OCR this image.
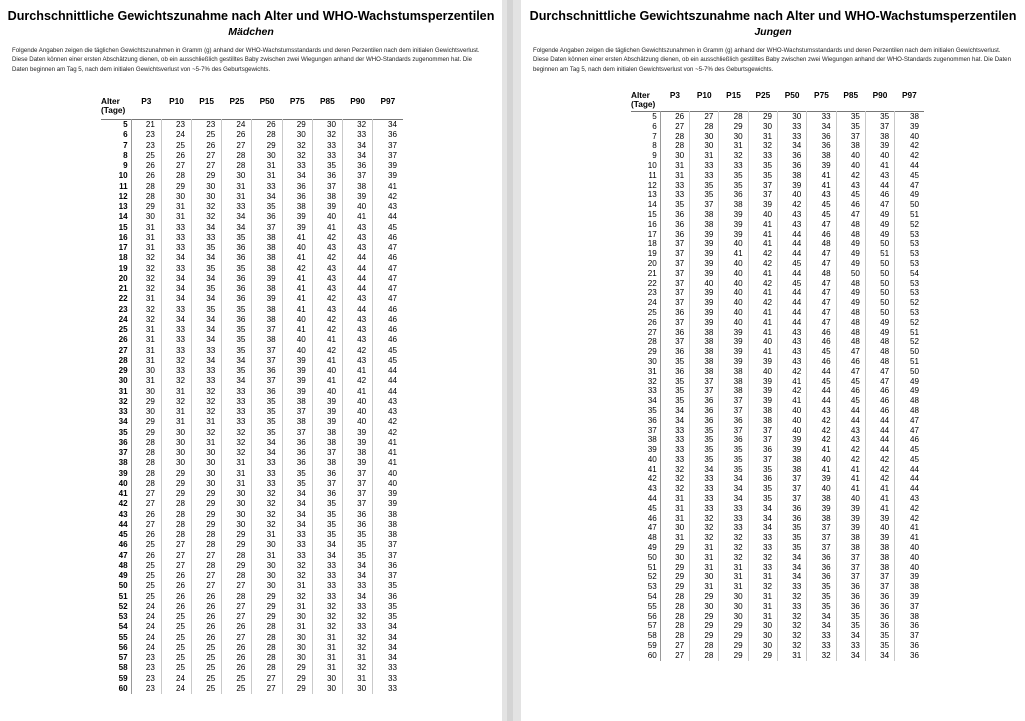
Durchschnittliche Gewichtszunahme nach Alter und WHO-Wachstumsperzentilen
Mädchen
Folgende Angaben zeigen die täglichen Gewichtszunahmen in Gramm (g) anhand der WHO-Wachstumsstandards und deren Perzentilen nach dem initialen Gewichtsverlust. Diese Daten können einer ersten Abschätzung dienen, ob ein ausschließlich gestilltes Baby zwischen zwei Wiegungen anhand der WHO-Standards zugenommen hat. Die Daten beginnen am Tag 5, nach dem initialen Gewichtsverlust von ~5-7% des Geburtsgewichts.
Alter
(Tage)	P3	P10	P15	P25	P50	P75	P85	P90	P97
5	21	23	23	24	26	29	30	32	34
6	23	24	25	26	28	30	32	33	36
7	23	25	26	27	29	32	33	34	37
8	25	26	27	28	30	32	33	34	37
9	26	27	27	28	31	33	35	36	39
10	26	28	29	30	31	34	36	37	39
11	28	29	30	31	33	36	37	38	41
12	28	30	30	31	34	36	38	39	42
13	29	31	32	33	35	38	39	40	43
14	30	31	32	34	36	39	40	41	44
15	31	33	34	34	37	39	41	43	45
16	31	33	33	35	38	41	42	43	46
17	31	33	35	36	38	40	43	43	47
18	32	34	34	36	38	41	42	44	46
19	32	33	35	35	38	42	43	44	47
20	32	34	34	36	39	41	43	44	47
21	32	34	35	36	38	41	43	44	47
22	31	34	34	36	39	41	42	43	47
23	32	33	35	35	38	41	43	44	46
24	32	34	34	36	38	40	42	43	46
25	31	33	34	35	37	41	42	43	46
26	31	33	34	35	38	40	41	43	46
27	31	33	33	35	37	40	42	42	45
28	31	32	34	34	37	39	41	43	45
29	30	33	33	35	36	39	40	41	44
30	31	32	33	34	37	39	41	42	44
31	30	31	32	33	36	39	40	41	44
32	29	32	32	33	35	38	39	40	43
33	30	31	32	33	35	37	39	40	43
34	29	31	31	33	35	38	39	40	42
35	29	30	32	32	35	37	38	39	42
36	28	30	31	32	34	36	38	39	41
37	28	30	30	32	34	36	37	38	41
38	28	30	30	31	33	36	38	39	41
39	28	29	30	31	33	35	36	37	40
40	28	29	30	31	33	35	37	37	40
41	27	29	29	30	32	34	36	37	39
42	27	28	29	30	32	34	35	37	39
43	26	28	29	30	32	34	35	36	38
44	27	28	29	30	32	34	35	36	38
45	26	28	28	29	31	33	35	35	38
46	25	27	28	29	30	33	34	35	37
47	26	27	27	28	31	33	34	35	37
48	25	27	28	29	30	32	33	34	36
49	25	26	27	28	30	32	33	34	37
50	25	26	27	27	30	31	33	33	35
51	25	26	26	28	29	32	33	34	36
52	24	26	26	27	29	31	32	33	35
53	24	25	26	27	29	30	32	32	35
54	24	25	26	26	28	31	32	33	34
55	24	25	26	27	28	30	31	32	34
56	24	25	25	26	28	30	31	32	34
57	23	25	25	26	28	30	31	31	34
58	23	25	25	26	28	29	31	32	33
59	23	24	25	25	27	29	30	31	33
60	23	24	25	25	27	29	30	30	33
Durchschnittliche Gewichtszunahme nach Alter und WHO-Wachstumsperzentilen
Jungen
Folgende Angaben zeigen die täglichen Gewichtszunahmen in Gramm (g) anhand der WHO-Wachstumsstandards und deren Perzentilen nach dem initialen Gewichtsverlust. Diese Daten können einer ersten Abschätzung dienen, ob ein ausschließlich gestilltes Baby zwischen zwei Wiegungen anhand der WHO-Standards zugenommen hat. Die Daten beginnen am Tag 5, nach dem initialen Gewichtsverlust von ~5-7% des Geburtsgewichts.
Alter
(Tage)	P3	P10	P15	P25	P50	P75	P85	P90	P97
5	26	27	28	29	30	33	35	35	38
6	27	28	29	30	33	34	35	37	39
7	28	30	30	31	33	36	37	38	40
8	28	30	31	32	34	36	38	39	42
9	30	31	32	33	36	38	40	40	42
10	31	33	33	35	36	39	40	41	44
11	31	33	35	35	38	41	42	43	45
12	33	35	35	37	39	41	43	44	47
13	33	35	36	37	40	43	45	46	49
14	35	37	38	39	42	45	46	47	50
15	36	38	39	40	43	45	47	49	51
16	36	38	39	41	43	47	48	49	52
17	36	39	39	41	44	46	48	49	53
18	37	39	40	41	44	48	49	50	53
19	37	39	41	42	44	47	49	51	53
20	37	39	40	42	45	47	49	50	53
21	37	39	40	41	44	48	50	50	54
22	37	40	40	42	45	47	48	50	53
23	37	39	40	41	44	47	49	50	53
24	37	39	40	42	44	47	49	50	52
25	36	39	40	41	44	47	48	50	53
26	37	39	40	41	44	47	48	49	52
27	36	38	39	41	43	46	48	49	51
28	37	38	39	40	43	46	48	48	52
29	36	38	39	41	43	45	47	48	50
30	35	38	39	39	43	46	46	48	51
31	36	38	38	40	42	44	47	47	50
32	35	37	38	39	41	45	45	47	49
33	35	37	38	39	42	44	46	46	49
34	35	36	37	39	41	44	45	46	48
35	34	36	37	38	40	43	44	46	48
36	34	36	36	38	40	42	44	44	47
37	33	35	37	37	40	42	43	44	47
38	33	35	36	37	39	42	43	44	46
39	33	35	35	36	39	41	42	44	45
40	33	35	35	37	38	40	42	42	45
41	32	34	35	35	38	41	41	42	44
42	32	33	34	36	37	39	41	42	44
43	32	33	34	35	37	40	41	41	44
44	31	33	34	35	37	38	40	41	43
45	31	33	33	34	36	39	39	41	42
46	31	32	33	34	36	38	39	39	42
47	30	32	33	34	35	37	39	40	41
48	31	32	32	33	35	37	38	39	41
49	29	31	32	33	35	37	38	38	40
50	30	31	32	32	34	36	37	38	40
51	29	31	31	33	34	36	37	38	40
52	29	30	31	31	34	36	37	37	39
53	29	31	31	32	33	35	36	37	38
54	28	29	30	31	32	35	36	36	39
55	28	30	30	31	33	35	36	36	37
56	28	29	30	31	32	34	35	36	38
57	28	29	29	30	32	34	35	36	36
58	28	29	29	30	32	33	34	35	37
59	27	28	29	30	32	33	33	35	36
60	27	28	29	29	31	32	34	34	36
